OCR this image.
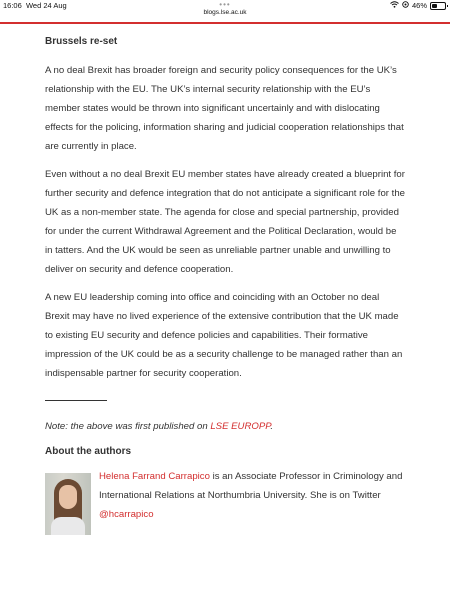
16:06 Wed 24 Aug	46%
•••
blogs.lse.ac.uk
Brussels re-set

A no deal Brexit has broader foreign and security policy consequences for the UK’s relationship with the EU. The UK’s internal security relationship with the EU’s member states would be thrown into significant uncertainly and with dislocating effects for the policing, information sharing and judicial cooperation relationships that are currently in place.

Even without a no deal Brexit EU member states have already created a blueprint for further security and defence integration that do not anticipate a significant role for the UK as a non-member state. The agenda for close and special partnership, provided for under the current Withdrawal Agreement and the Political Declaration, would be in tatters. And the UK would be seen as unreliable partner unable and unwilling to deliver on security and defence cooperation.

A new EU leadership coming into office and coinciding with an October no deal Brexit may have no lived experience of the extensive contribution that the UK made to existing EU security and defence policies and capabilities. Their formative impression of the UK could be as a security challenge to be managed rather than an indispensable partner for security cooperation.

Note: the above was first published on LSE EUROPP.

About the authors
Helena Farrand Carrapico is an Associate Professor in Criminology and International Relations at Northumbria University. She is on Twitter @hcarrapico
